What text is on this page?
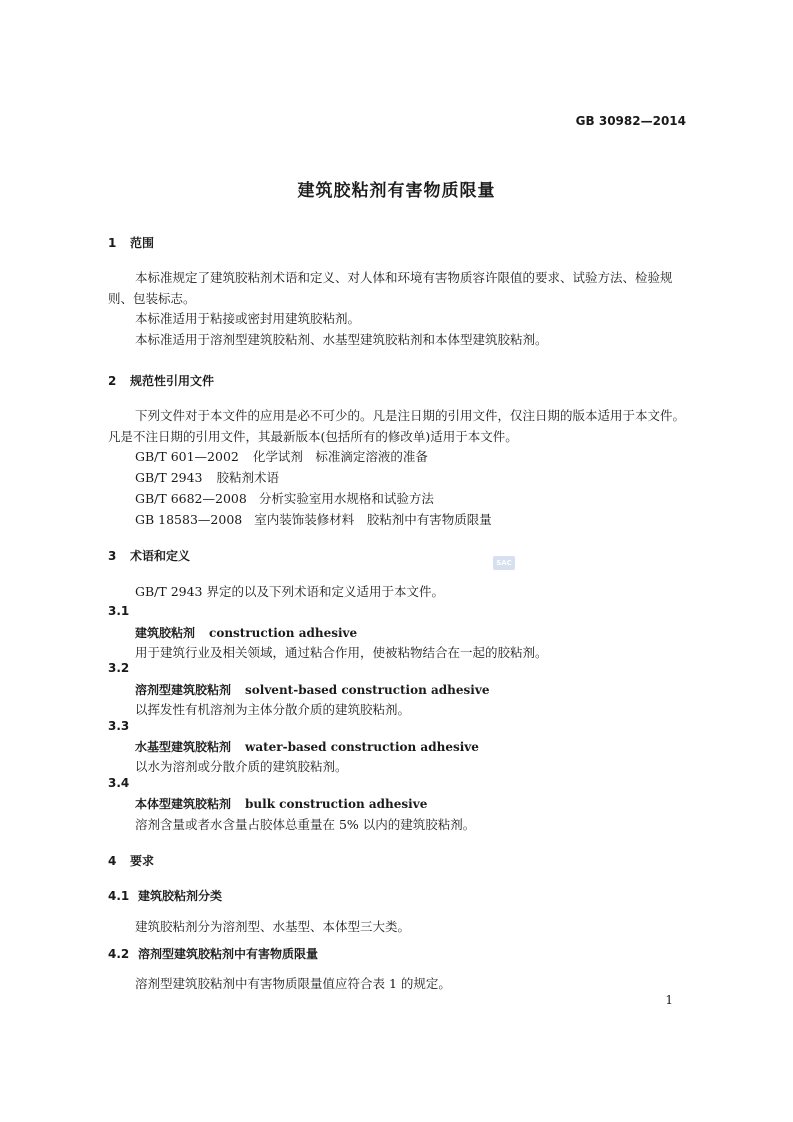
GB 30982—2014
建筑胶粘剂有害物质限量
1 范围
本标准规定了建筑胶粘剂术语和定义、对人体和环境有害物质容许限值的要求、试验方法、检验规则、包装标志。
本标准适用于粘接或密封用建筑胶粘剂。
本标准适用于溶剂型建筑胶粘剂、水基型建筑胶粘剂和本体型建筑胶粘剂。
2 规范性引用文件
下列文件对于本文件的应用是必不可少的。凡是注日期的引用文件，仅注日期的版本适用于本文件。凡是不注日期的引用文件，其最新版本(包括所有的修改单)适用于本文件。
GB/T 601—2002 化学试剂　标准滴定溶液的准备
GB/T 2943 胶粘剂术语
GB/T 6682—2008 分析实验室用水规格和试验方法
GB 18583—2008 室内装饰装修材料　胶粘剂中有害物质限量
3 术语和定义	SAC
GB/T 2943 界定的以及下列术语和定义适用于本文件。
3.1
建筑胶粘剂 construction adhesive
用于建筑行业及相关领域，通过粘合作用，使被粘物结合在一起的胶粘剂。
3.2
溶剂型建筑胶粘剂 solvent-based construction adhesive
以挥发性有机溶剂为主体分散介质的建筑胶粘剂。
3.3
水基型建筑胶粘剂 water-based construction adhesive
以水为溶剂或分散介质的建筑胶粘剂。
3.4
本体型建筑胶粘剂 bulk construction adhesive
溶剂含量或者水含量占胶体总重量在 5% 以内的建筑胶粘剂。
4 要求
4.1 建筑胶粘剂分类
建筑胶粘剂分为溶剂型、水基型、本体型三大类。
4.2 溶剂型建筑胶粘剂中有害物质限量
溶剂型建筑胶粘剂中有害物质限量值应符合表 1 的规定。
1
